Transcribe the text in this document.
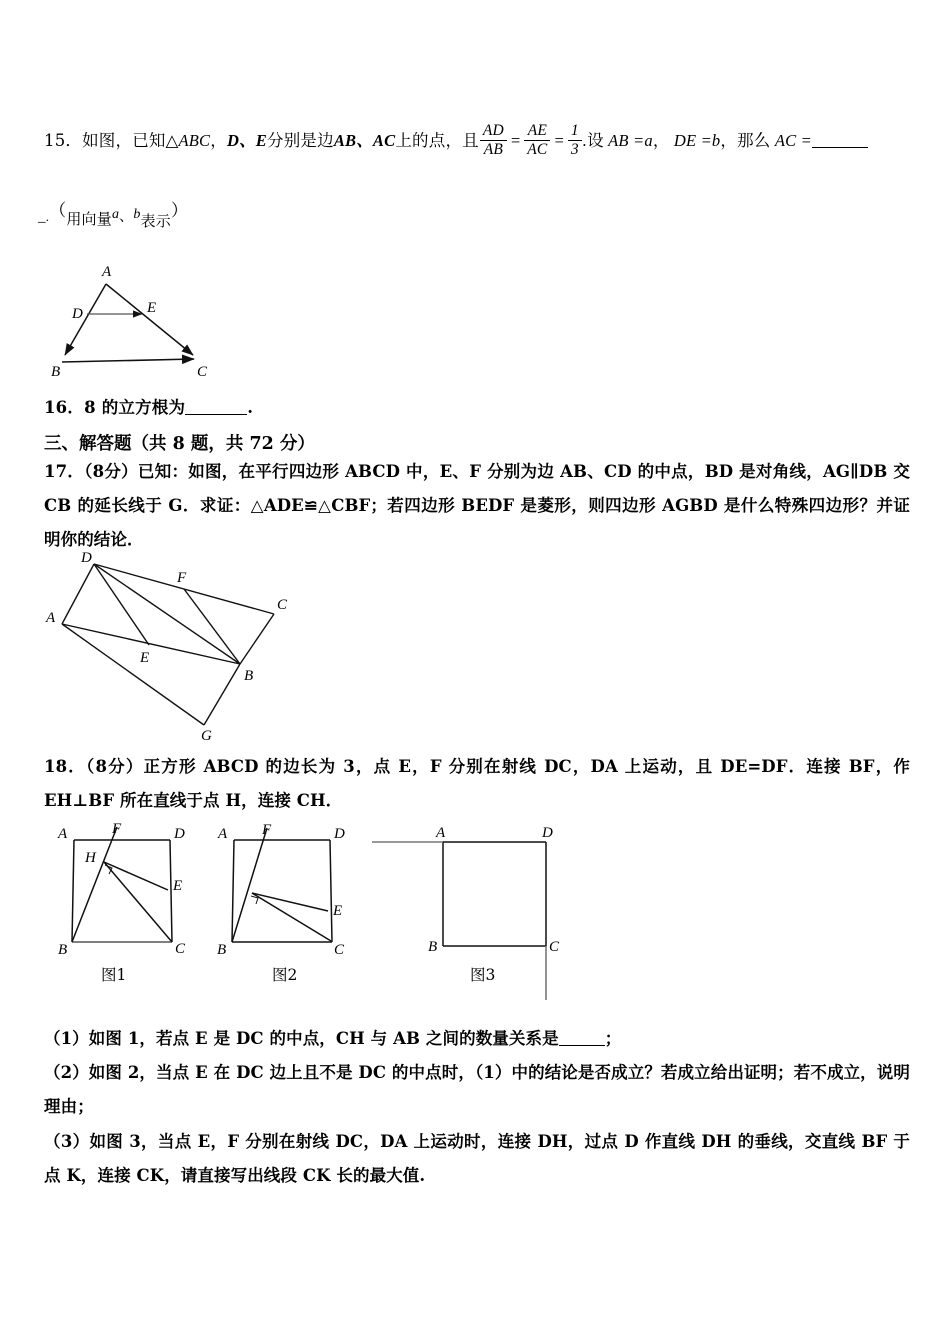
15．如图，已知△ABC，D、E分别是边AB、AC上的点，且 $\frac{AD}{AB} = \frac{AE}{AC} = \frac{1}{3}$ .设 AB =a， DE =b，那么 AC =
_.（用向量a、b表示）
A
B	C
D	E
16．8 的立方根为	.
三、解答题（共 8 题，共 72 分）
17．（8分）已知：如图，在平行四边形 ABCD 中，E、F 分别为边 AB、CD 的中点，BD 是对角线，AG∥DB 交 CB 的延长线于 G．求证：△ADE≌△CBF；若四边形 BEDF 是菱形，则四边形 AGBD 是什么特殊四边形？并证明你的结论．
A
B
C
D
E
F
G
18．（8分）正方形 ABCD 的边长为 3，点 E，F 分别在射线 DC，DA 上运动，且 DE=DF．连接 BF，作 EH⊥BF 所在直线于点 H，连接 CH．
A
B	C
D
E
F
H
图1
A
B	C
D
E
F
图2
A
B	C
D
图3
（1）如图 1，若点 E 是 DC 的中点，CH 与 AB 之间的数量关系是	；
（2）如图 2，当点 E 在 DC 边上且不是 DC 的中点时，（1）中的结论是否成立？若成立给出证明；若不成立，说明理由；
（3）如图 3，当点 E，F 分别在射线 DC，DA 上运动时，连接 DH，过点 D 作直线 DH 的垂线，交直线 BF 于点 K，连接 CK，请直接写出线段 CK 长的最大值.
